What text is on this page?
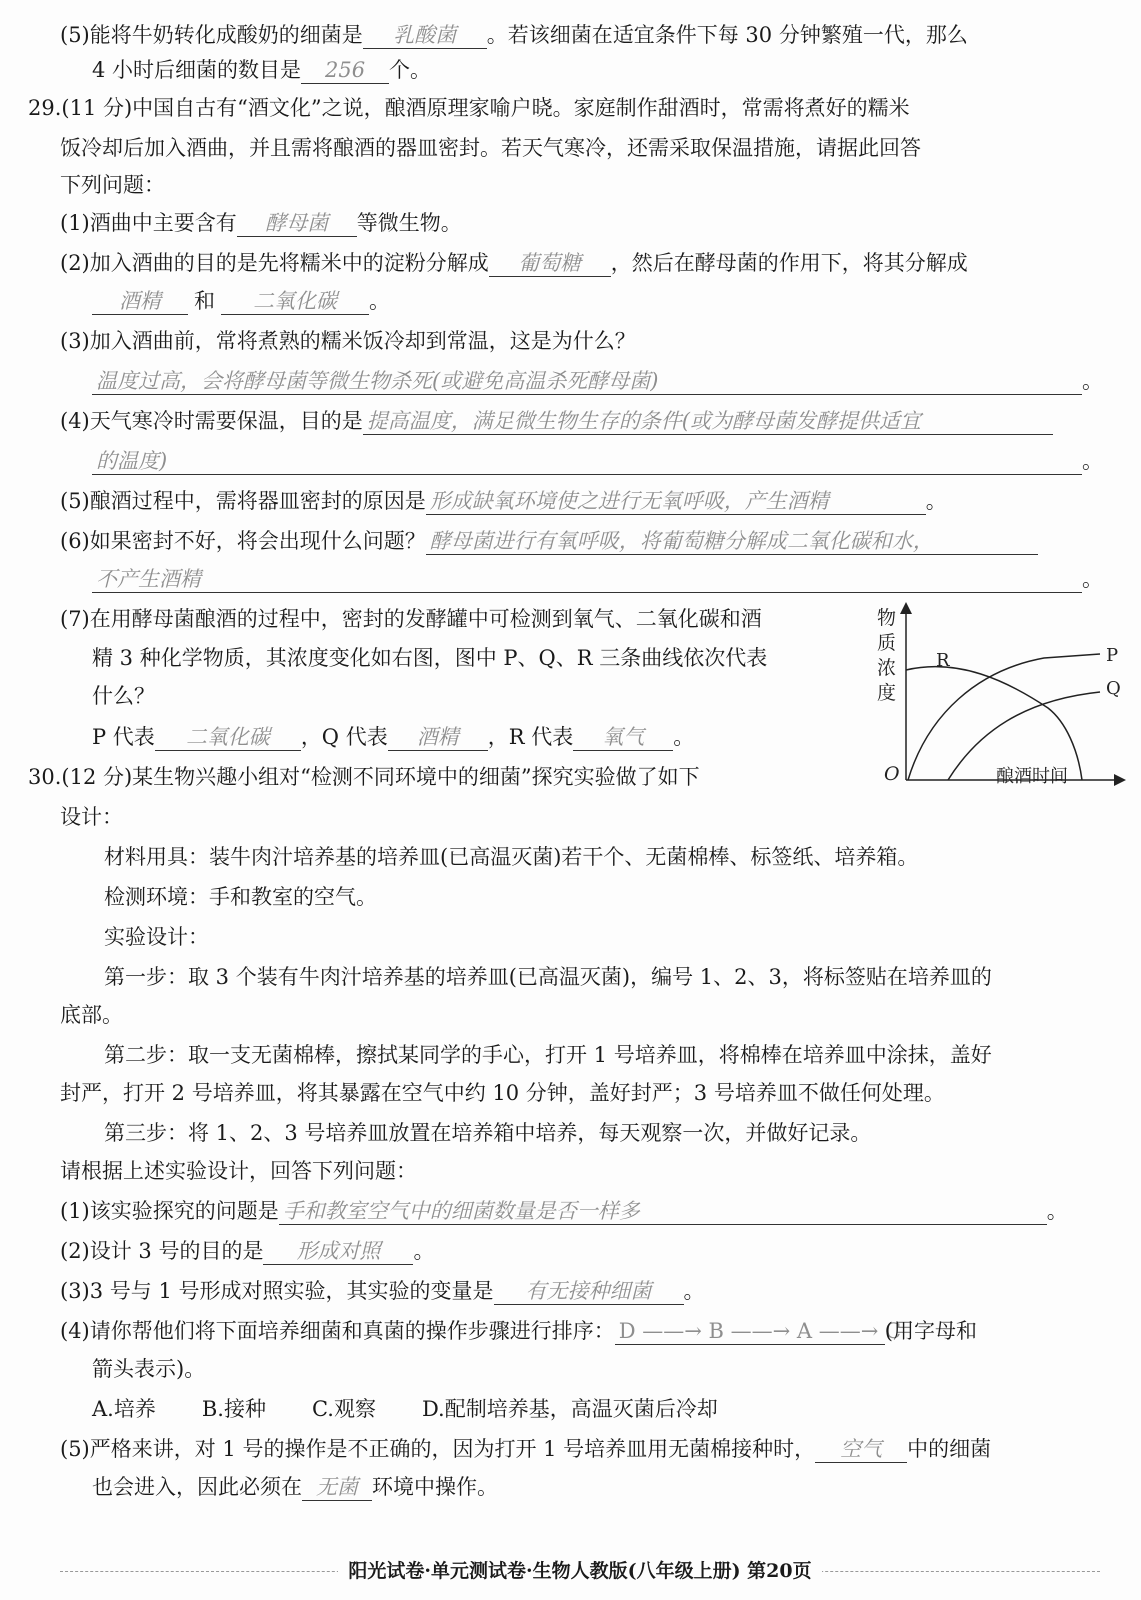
(5)能将牛奶转化成酸奶的细菌是 乳酸菌 。若该细菌在适宜条件下每 30 分钟繁殖一代，那么
4 小时后细菌的数目是 256 个。
29.(11 分)中国自古有“酒文化”之说，酿酒原理家喻户晓。家庭制作甜酒时，常需将煮好的糯米
饭冷却后加入酒曲，并且需将酿酒的器皿密封。若天气寒冷，还需采取保温措施，请据此回答
下列问题：
(1)酒曲中主要含有 酵母菌 等微生物。
(2)加入酒曲的目的是先将糯米中的淀粉分解成 葡萄糖 ，然后在酵母菌的作用下，将其分解成
酒精 和 二氧化碳 。
(3)加入酒曲前，常将煮熟的糯米饭冷却到常温，这是为什么？
温度过高，会将酵母菌等微生物杀死(或避免高温杀死酵母菌)	。
(4)天气寒冷时需要保温，目的是 提高温度，满足微生物生存的条件(或为酵母菌发酵提供适宜
的温度)	。
(5)酿酒过程中，需将器皿密封的原因是 形成缺氧环境使之进行无氧呼吸，产生酒精	。
(6)如果密封不好，将会出现什么问题？ 酵母菌进行有氧呼吸，将葡萄糖分解成二氧化碳和水，
不产生酒精	。
(7)在用酵母菌酿酒的过程中，密封的发酵罐中可检测到氧气、二氧化碳和酒
精 3 种化学物质，其浓度变化如右图，图中 P、Q、R 三条曲线依次代表
什么？
P 代表 二氧化碳 ，Q 代表 酒精 ，R 代表 氧气 。
物
质
浓
度
O	酿酒时间
R	P
Q
30.(12 分)某生物兴趣小组对“检测不同环境中的细菌”探究实验做了如下
设计：
材料用具：装牛肉汁培养基的培养皿(已高温灭菌)若干个、无菌棉棒、标签纸、培养箱。
检测环境：手和教室的空气。
实验设计：
第一步：取 3 个装有牛肉汁培养基的培养皿(已高温灭菌)，编号 1、2、3，将标签贴在培养皿的
底部。
第二步：取一支无菌棉棒，擦拭某同学的手心，打开 1 号培养皿，将棉棒在培养皿中涂抹，盖好
封严，打开 2 号培养皿，将其暴露在空气中约 10 分钟，盖好封严；3 号培养皿不做任何处理。
第三步：将 1、2、3 号培养皿放置在培养箱中培养，每天观察一次，并做好记录。
请根据上述实验设计，回答下列问题：
(1)该实验探究的问题是 手和教室空气中的细菌数量是否一样多	。
(2)设计 3 号的目的是 形成对照 。
(3)3 号与 1 号形成对照实验，其实验的变量是 有无接种细菌 。
(4)请你帮他们将下面培养细菌和真菌的操作步骤进行排序： D ——→ B ——→ A ——→ C(用字母和
箭头表示)。
A.培养 B.接种 C.观察 D.配制培养基，高温灭菌后冷却
(5)严格来讲，对 1 号的操作是不正确的，因为打开 1 号培养皿用无菌棉接种时， 空气 中的细菌
也会进入，因此必须在 无菌 环境中操作。
阳光试卷·单元测试卷·生物人教版(八年级上册) 第20页
